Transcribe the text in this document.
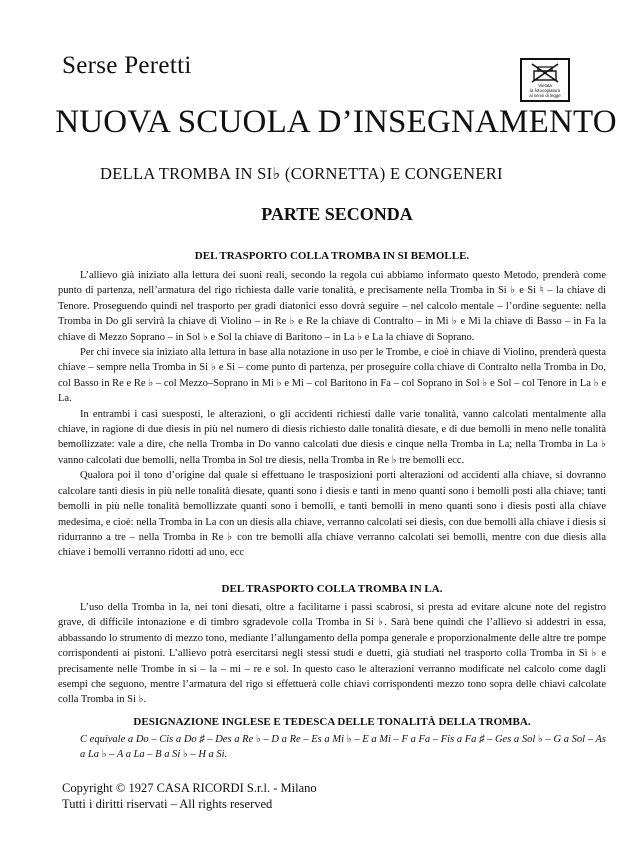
Serse Peretti
Vietata
la fotocopiatura
ai sensi di legge
NUOVA SCUOLA D’INSEGNAMENTO
DELLA TROMBA IN SI♭ (CORNETTA) E CONGENERI
PARTE SECONDA
DEL TRASPORTO COLLA TROMBA IN SI BEMOLLE.

L’allievo già iniziato alla lettura dei suoni reali, secondo la regola cui abbiamo informato questo Metodo, prenderà come punto di partenza, nell’armatura del rigo richiesta dalle varie tonalità, e precisamente nella Tromba in Si ♭ e Si ♮ – la chiave di Tenore. Proseguendo quindi nel trasporto per gradi diatonici esso dovrà seguire – nel calcolo mentale – l’ordine seguente: nella Tromba in Do gli servirà la chiave di Violino – in Re ♭ e Re la chiave di Contralto – in Mi ♭ e Mi la chiave di Basso – in Fa la chiave di Mezzo Soprano – in Sol ♭ e Sol la chiave di Baritono – in La ♭ e La la chiave di Soprano.

Per chi invece sia iniziato alla lettura in base alla notazione in uso per le Trombe, e cioè in chiave di Violino, prenderà questa chiave – sempre nella Tromba in Si ♭ e Si – come punto di partenza, per proseguire colla chiave di Contralto nella Tromba in Do, col Basso in Re e Re ♭ – col Mezzo–Soprano in Mi ♭ e Mi – col Baritono in Fa – col Soprano in Sol ♭ e Sol – col Tenore in La ♭ e La.

In entrambi i casi suesposti, le alterazioni, o gli accidenti richiesti dalle varie tonalità, vanno calcolati mentalmente alla chiave, in ragione di due diesis in più nel numero di diesis richiesto dalle tonalità diesate, e di due bemolli in meno nelle tonalità bemollizzate: vale a dire, che nella Tromba in Do vanno calcolati due diesis e cinque nella Tromba in La; nella Tromba in La ♭ vanno calcolati due bemolli, nella Tromba in Sol tre diesis, nella Tromba in Re ♭ tre bemolli ecc.

Qualora poi il tono d’origine dal quale si effettuano le trasposizioni porti alterazioni od accidenti alla chiave, si dovranno calcolare tanti diesis in più nelle tonalità diesate, quanti sono i diesis e tanti in meno quanti sono i bemolli posti alla chiave; tanti bemolli in più nelle tonalità bemollizzate quanti sono i bemolli, e tanti bemolli in meno quanti sono i diesis posti alla chiave medesima, e cioè: nella Tromba in La con un diesis alla chiave, verranno calcolati sei diesis, con due bemolli alla chiave i diesis si ridurranno a tre – nella Tromba in Re ♭ con tre bemolli alla chiave verranno calcolati sei bemolli, mentre con due diesis alla chiave i bemolli verranno ridotti ad uno, ecc

DEL TRASPORTO COLLA TROMBA IN LA.

L’uso della Tromba in la, nei toni diesati, oltre a facilitarne i passi scabrosi, si presta ad evitare alcune note del registro grave, di difficile intonazione e di timbro sgradevole colla Tromba in Si ♭. Sarà bene quindi che l’allievo si addestri in essa, abbassando lo strumento di mezzo tono, mediante l’allungamento della pompa generale e proporzionalmente delle altre tre pompe corrispondenti ai pistoni. L’allievo potrà esercitarsi negli stessi studi e duetti, già studiati nel trasporto colla Tromba in Si ♭ e precisamente nelle Trombe in si – la – mi – re e sol. In questo caso le alterazioni verranno modificate nel calcolo come dagli esempi che seguono, mentre l’armatura del rigo si effettuerà colle chiavi corrispondenti mezzo tono sopra delle chiavi calcolate colla Tromba in Si ♭.

DESIGNAZIONE INGLESE E TEDESCA DELLE TONALITÀ DELLA TROMBA.

C equivale a Do – Cis a Do ♯ – Des a Re ♭ – D a Re – Es a Mi ♭ – E a Mi – F a Fa – Fis a Fa ♯ – Ges a Sol ♭ – G a Sol – As a La ♭ – A a La – B a Si ♭ – H a Si.

Copyright © 1927 CASA RICORDI S.r.l. - Milano
Tutti i diritti riservati – All rights reserved
